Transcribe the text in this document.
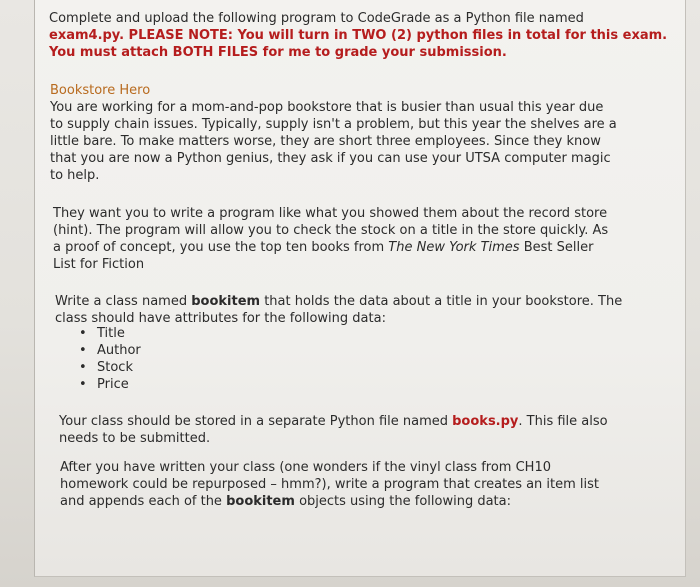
Complete and upload the following program to CodeGrade as a Python file named
exam4.py. PLEASE NOTE: You will turn in TWO (2) python files in total for this exam.
You must attach BOTH FILES for me to grade your submission.
Bookstore Hero
You are working for a mom-and-pop bookstore that is busier than usual this year due
to supply chain issues. Typically, supply isn't a problem, but this year the shelves are a
little bare. To make matters worse, they are short three employees. Since they know
that you are now a Python genius, they ask if you can use your UTSA computer magic
to help.
They want you to write a program like what you showed them about the record store
(hint). The program will allow you to check the stock on a title in the store quickly. As
a proof of concept, you use the top ten books from The New York Times Best Seller
List for Fiction
Write a class named bookitem that holds the data about a title in your bookstore. The
class should have attributes for the following data:
• Title
• Author
• Stock
• Price
Your class should be stored in a separate Python file named books.py. This file also
needs to be submitted.
After you have written your class (one wonders if the vinyl class from CH10
homework could be repurposed – hmm?), write a program that creates an item list
and appends each of the bookitem objects using the following data:
